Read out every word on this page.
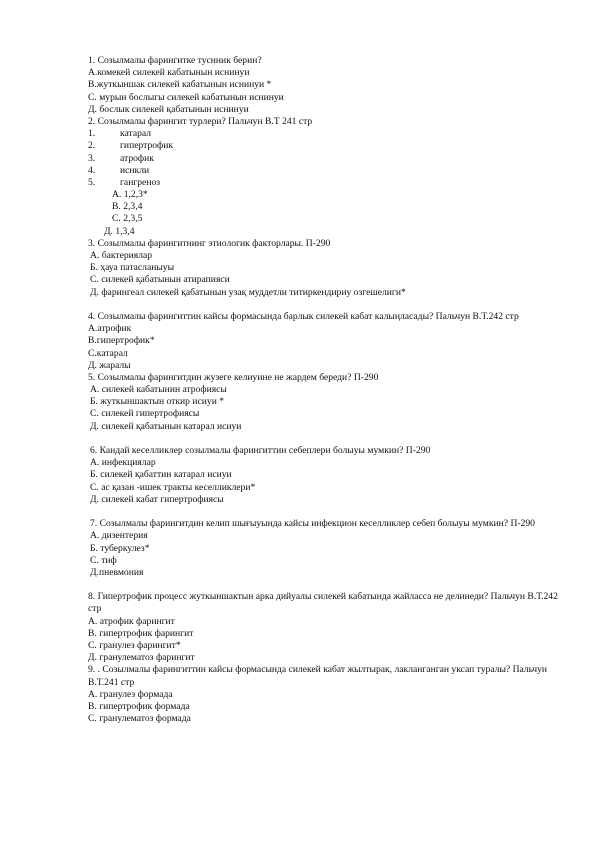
1. Созылмалы фарингитке туснник берин?
А.комекей силекей кабатынын иснинуи
В.жуткыншак силекей кабатынын иснинуи *
С. мурын бослыгы силекей кабатынын иснинуи
Д. бослык силекей қабатынын иснинуи
2. Созылмалы фарингит турлери? Пальчун В.Т 241 стр
1.	катарал
2.	гипертрофик
3.	атрофик
4.	иснкли
5.	гангреноз
А. 1,2,3*
В. 2,3,4
С. 2,3,5
Д. 1,3,4
3. Созылмалы фарингитнинг этиологик факторлары. П-290
А. бактериялар
Б. ҳауа патасланыуы
С. силекей қабатынын атирапияси
Д. фарингеал силекей қабатынын узақ муддетли титиркендириу озгешелиги*
4. Созылмалы фарингиттин кайсы формасында барлык силекей кабат калыңласады? Пальчун В.Т.242 стр
А.атрофик
В.гипертрофик*
С.катарал
Д. жаралы
5. Созылмалы фарингитдин жузеге келиуине не жардем береди? П-290
А. силекей кабатынин атрофиясы
Б. жуткыншактын откир исиуи *
С. силекей гипертрофиясы
Д. силекей қабатынын катарал исиуи
6. Кандай кеселликлер созылмалы фарингиттин себеплери болыуы мумкин? П-290
А. инфекциялар
Б. силекей қабаттин катарал исиуи
С. ас қазан -ишек тракты кеселликлери*
Д. силекей кабат гипертрофиясы
7. Созылмалы фарингитдин келип шығыуында кайсы инфекцион кеселликлер себеп болыуы мумкин? П-290
А. дизентерия
Б. туберкулез*
С. тиф
Д.пневмония
8. Гипертрофик процесс жуткыншактын арка дийуалы силекей кабатында жайласса не делинеди? Пальчун В.Т.242 стр
А. атрофик фарингит
В. гипертрофик фарингит
С. гранулез фарингит*
Д. гранулематоз фарингит
9. . Созылмалы фарингиттин кайсы формасында силекей кабат жылтырак, лакланганган уксап туралы? Пальчун В.Т.241 стр
А. гранулез формада
В. гипертрофик формада
С. гранулематоз формада
